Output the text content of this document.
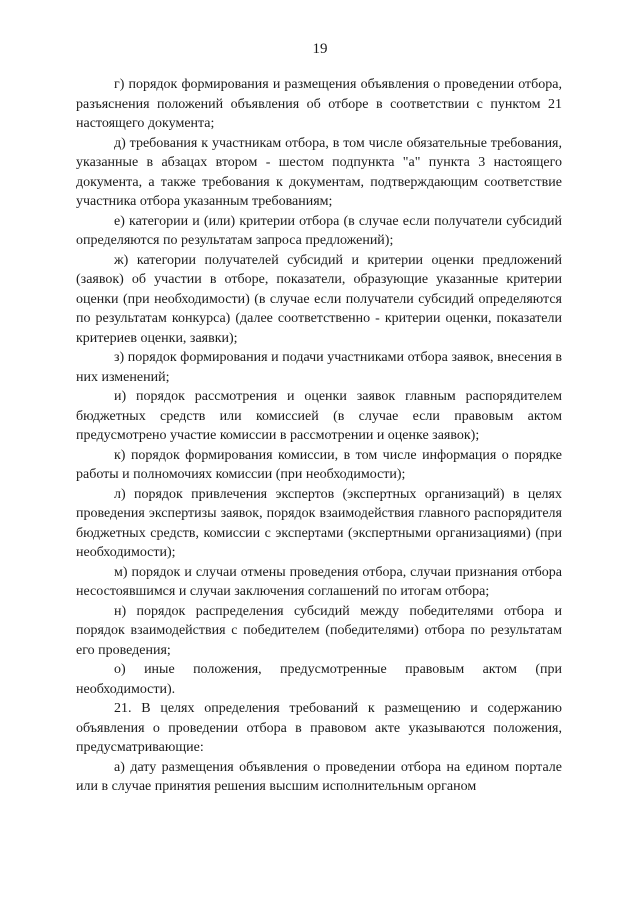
19

г) порядок формирования и размещения объявления о проведении отбора, разъяснения положений объявления об отборе в соответствии с пунктом 21 настоящего документа;

д) требования к участникам отбора, в том числе обязательные требования, указанные в абзацах втором - шестом подпункта "а" пункта 3 настоящего документа, а также требования к документам, подтверждающим соответствие участника отбора указанным требованиям;

е) категории и (или) критерии отбора (в случае если получатели субсидий определяются по результатам запроса предложений);

ж) категории получателей субсидий и критерии оценки предложений (заявок) об участии в отборе, показатели, образующие указанные критерии оценки (при необходимости) (в случае если получатели субсидий определяются по результатам конкурса) (далее соответственно - критерии оценки, показатели критериев оценки, заявки);

з) порядок формирования и подачи участниками отбора заявок, внесения в них изменений;

и) порядок рассмотрения и оценки заявок главным распорядителем бюджетных средств или комиссией (в случае если правовым актом предусмотрено участие комиссии в рассмотрении и оценке заявок);

к) порядок формирования комиссии, в том числе информация о порядке работы и полномочиях комиссии (при необходимости);

л) порядок привлечения экспертов (экспертных организаций) в целях проведения экспертизы заявок, порядок взаимодействия главного распорядителя бюджетных средств, комиссии с экспертами (экспертными организациями) (при необходимости);

м) порядок и случаи отмены проведения отбора, случаи признания отбора несостоявшимся и случаи заключения соглашений по итогам отбора;

н) порядок распределения субсидий между победителями отбора и порядок взаимодействия с победителем (победителями) отбора по результатам его проведения;

о) иные положения, предусмотренные правовым актом (при необходимости).

21. В целях определения требований к размещению и содержанию объявления о проведении отбора в правовом акте указываются положения, предусматривающие:

а) дату размещения объявления о проведении отбора на едином портале или в случае принятия решения высшим исполнительным органом
